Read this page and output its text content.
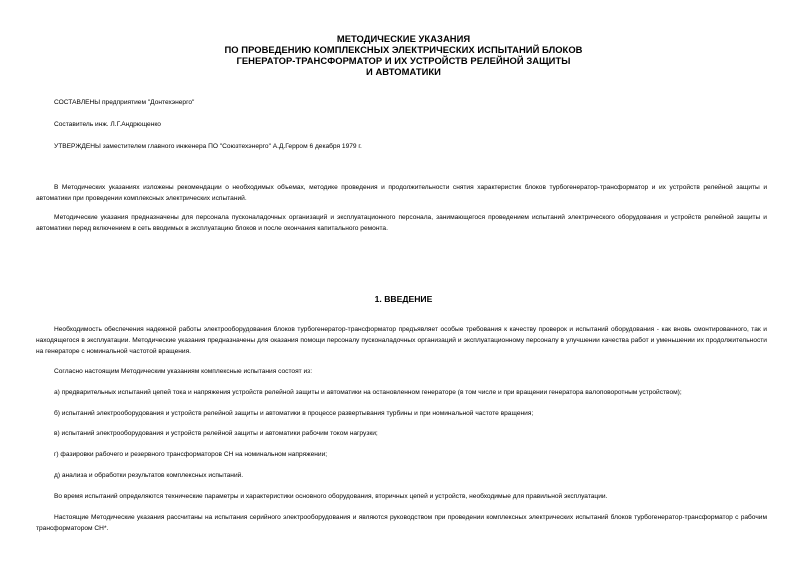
МЕТОДИЧЕСКИЕ УКАЗАНИЯ
ПО ПРОВЕДЕНИЮ КОМПЛЕКСНЫХ ЭЛЕКТРИЧЕСКИХ ИСПЫТАНИЙ БЛОКОВ
ГЕНЕРАТОР-ТРАНСФОРМАТОР И ИХ УСТРОЙСТВ РЕЛЕЙНОЙ ЗАЩИТЫ
И АВТОМАТИКИ
СОСТАВЛЕНЫ предприятием "Донтехэнерго"
Составитель инж. Л.Г.Андрющенко
УТВЕРЖДЕНЫ заместителем главного инженера ПО "Союзтехэнерго" А.Д.Герром 6 декабря 1979 г.
В Методических указаниях изложены рекомендации о необходимых объемах, методике проведения и продолжительности снятия характеристик блоков турбогенератор-трансформатор и их устройств релейной защиты и автоматики при проведении комплексных электрических испытаний.
Методические указания предназначены для персонала пусконаладочных организаций и эксплуатационного персонала, занимающегося проведением испытаний электрического оборудования и устройств релейной защиты и автоматики перед включением в сеть вводимых в эксплуатацию блоков и после окончания капитального ремонта.
1. ВВЕДЕНИЕ
Необходимость обеспечения надежной работы электрооборудования блоков турбогенератор-трансформатор предъявляет особые требования к качеству проверок и испытаний оборудования - как вновь смонтированного, так и находящегося в эксплуатации. Методические указания предназначены для оказания помощи персоналу пусконаладочных организаций и эксплуатационному персоналу в улучшении качества работ и уменьшении их продолжительности на генераторе с номинальной частотой вращения.
Согласно настоящим Методическим указаниям комплексные испытания состоят из:
а) предварительных испытаний цепей тока и напряжения устройств релейной защиты и автоматики на остановленном генераторе (в том числе и при вращении генератора валоповоротным устройством);
б) испытаний электрооборудования и устройств релейной защиты и автоматики в процессе развертывания турбины и при номинальной частоте вращения;
в) испытаний электрооборудования и устройств релейной защиты и автоматики рабочим током нагрузки;
г) фазировки рабочего и резервного трансформаторов СН на номинальном напряжении;
д) анализа и обработки результатов комплексных испытаний.
Во время испытаний определяются технические параметры и характеристики основного оборудования, вторичных цепей и устройств, необходимые для правильной эксплуатации.
Настоящие Методические указания рассчитаны на испытания серийного электрооборудования и являются руководством при проведении комплексных электрических испытаний блоков турбогенератор-трансформатор с рабочим трансформатором СН*.
